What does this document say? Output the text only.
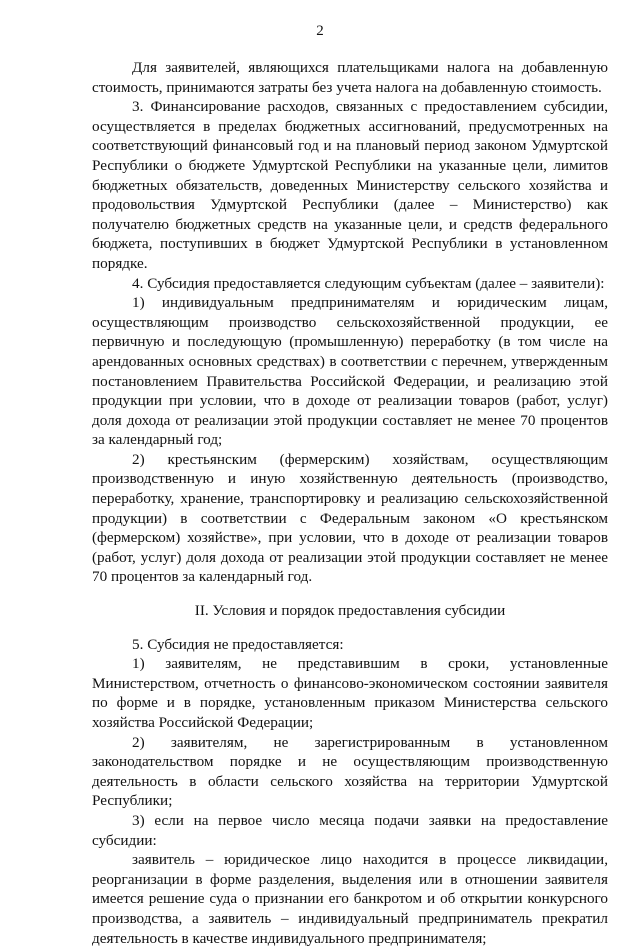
2

Для заявителей, являющихся плательщиками налога на добавленную стоимость, принимаются затраты без учета налога на добавленную стоимость.

3. Финансирование расходов, связанных с предоставлением субсидии, осуществляется в пределах бюджетных ассигнований, предусмотренных на соответствующий финансовый год и на плановый период законом Удмуртской Республики о бюджете Удмуртской Республики на указанные цели, лимитов бюджетных обязательств, доведенных Министерству сельского хозяйства и продовольствия Удмуртской Республики (далее – Министерство) как получателю бюджетных средств на указанные цели, и средств федерального бюджета, поступивших в бюджет Удмуртской Республики в установленном порядке.

4. Субсидия предоставляется следующим субъектам (далее – заявители):

1) индивидуальным предпринимателям и юридическим лицам, осуществляющим производство сельскохозяйственной продукции, ее первичную и последующую (промышленную) переработку (в том числе на арендованных основных средствах) в соответствии с перечнем, утвержденным постановлением Правительства Российской Федерации, и реализацию этой продукции при условии, что в доходе от реализации товаров (работ, услуг) доля дохода от реализации этой продукции составляет не менее 70 процентов за календарный год;

2) крестьянским (фермерским) хозяйствам, осуществляющим производственную и иную хозяйственную деятельность (производство, переработку, хранение, транспортировку и реализацию сельскохозяйственной продукции) в соответствии с Федеральным законом «О крестьянском (фермерском) хозяйстве», при условии, что в доходе от реализации товаров (работ, услуг) доля дохода от реализации этой продукции составляет не менее 70 процентов за календарный год.

II. Условия и порядок предоставления субсидии

5. Субсидия не предоставляется:

1) заявителям, не представившим в сроки, установленные Министерством, отчетность о финансово-экономическом состоянии заявителя по форме и в порядке, установленным приказом Министерства сельского хозяйства Российской Федерации;

2) заявителям, не зарегистрированным в установленном законодательством порядке и не осуществляющим производственную деятельность в области сельского хозяйства на территории Удмуртской Республики;

3) если на первое число месяца подачи заявки на предоставление субсидии:

заявитель – юридическое лицо находится в процессе ликвидации, реорганизации в форме разделения, выделения или в отношении заявителя имеется решение суда о признании его банкротом и об открытии конкурсного производства, а заявитель – индивидуальный предприниматель прекратил деятельность в качестве индивидуального предпринимателя;
